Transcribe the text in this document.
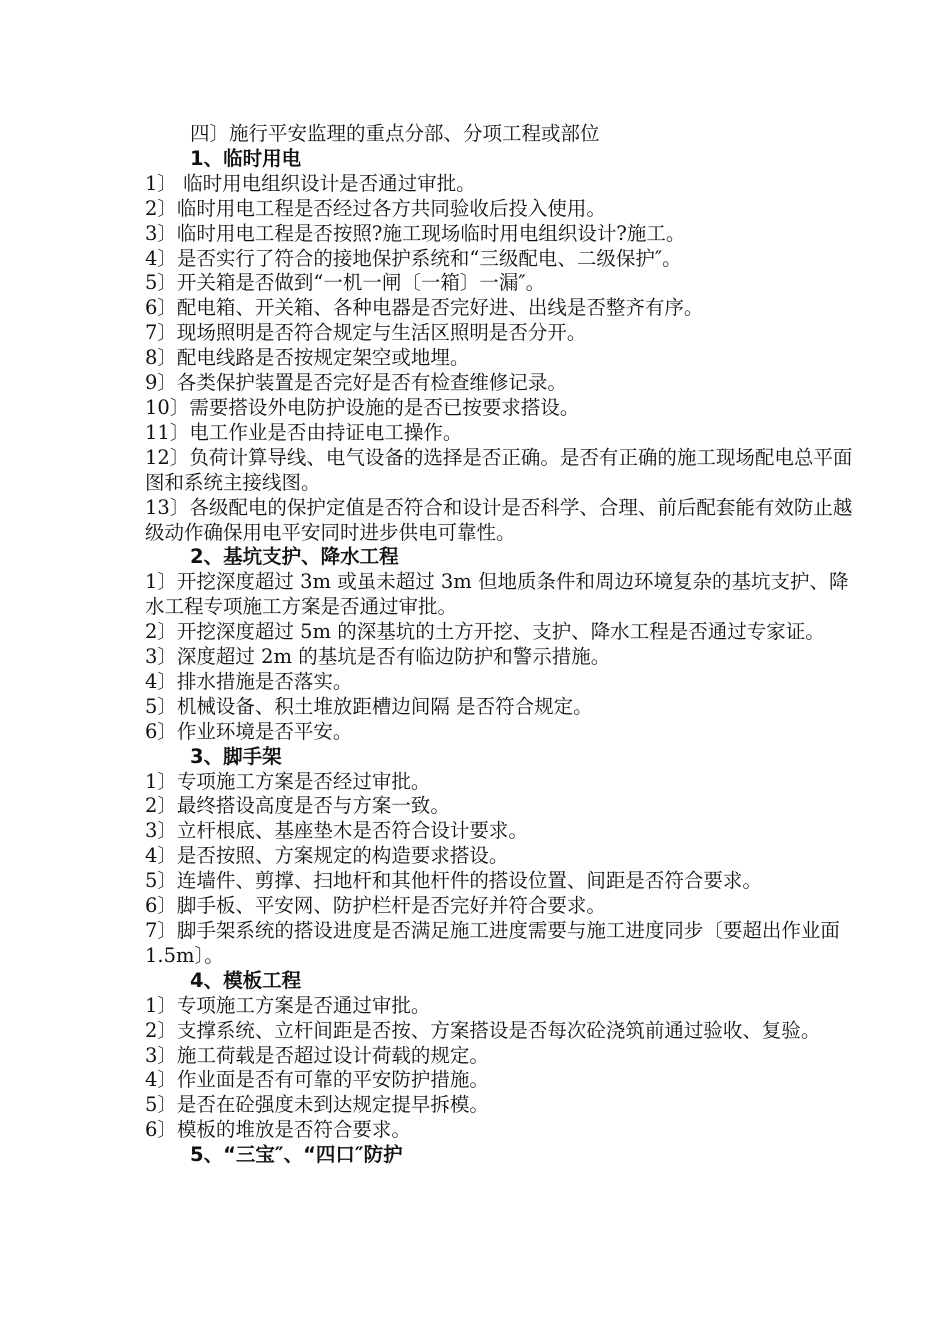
四〕施行平安监理的重点分部、分项工程或部位
1、临时用电
1〕 临时用电组织设计是否通过审批。
2〕临时用电工程是否经过各方共同验收后投入使用。
3〕临时用电工程是否按照?施工现场临时用电组织设计?施工。
4〕是否实行了符合的接地保护系统和“三级配电、二级保护″。
5〕开关箱是否做到“一机一闸〔一箱〕一漏″。
6〕配电箱、开关箱、各种电器是否完好进、出线是否整齐有序。
7〕现场照明是否符合规定与生活区照明是否分开。
8〕配电线路是否按规定架空或地埋。
9〕各类保护装置是否完好是否有检查维修记录。
10〕需要搭设外电防护设施的是否已按要求搭设。
11〕电工作业是否由持证电工操作。
12〕负荷计算导线、电气设备的选择是否正确。是否有正确的施工现场配电总平面图和系统主接线图。
13〕各级配电的保护定值是否符合和设计是否科学、合理、前后配套能有效防止越级动作确保用电平安同时进步供电可靠性。
2、基坑支护、降水工程
1〕开挖深度超过 3m 或虽未超过 3m 但地质条件和周边环境复杂的基坑支护、降水工程专项施工方案是否通过审批。
2〕开挖深度超过 5m 的深基坑的土方开挖、支护、降水工程是否通过专家证。
3〕深度超过 2m 的基坑是否有临边防护和警示措施。
4〕排水措施是否落实。
5〕机械设备、积土堆放距槽边间隔 是否符合规定。
6〕作业环境是否平安。
3、脚手架
1〕专项施工方案是否经过审批。
2〕最终搭设高度是否与方案一致。
3〕立杆根底、基座垫木是否符合设计要求。
4〕是否按照、方案规定的构造要求搭设。
5〕连墙件、剪撑、扫地杆和其他杆件的搭设位置、间距是否符合要求。
6〕脚手板、平安网、防护栏杆是否完好并符合要求。
7〕脚手架系统的搭设进度是否满足施工进度需要与施工进度同步〔要超出作业面 1.5m〕。
4、模板工程
1〕专项施工方案是否通过审批。
2〕支撑系统、立杆间距是否按、方案搭设是否每次砼浇筑前通过验收、复验。
3〕施工荷载是否超过设计荷载的规定。
4〕作业面是否有可靠的平安防护措施。
5〕是否在砼强度未到达规定提早拆模。
6〕模板的堆放是否符合要求。
5、“三宝″、“四口″防护
